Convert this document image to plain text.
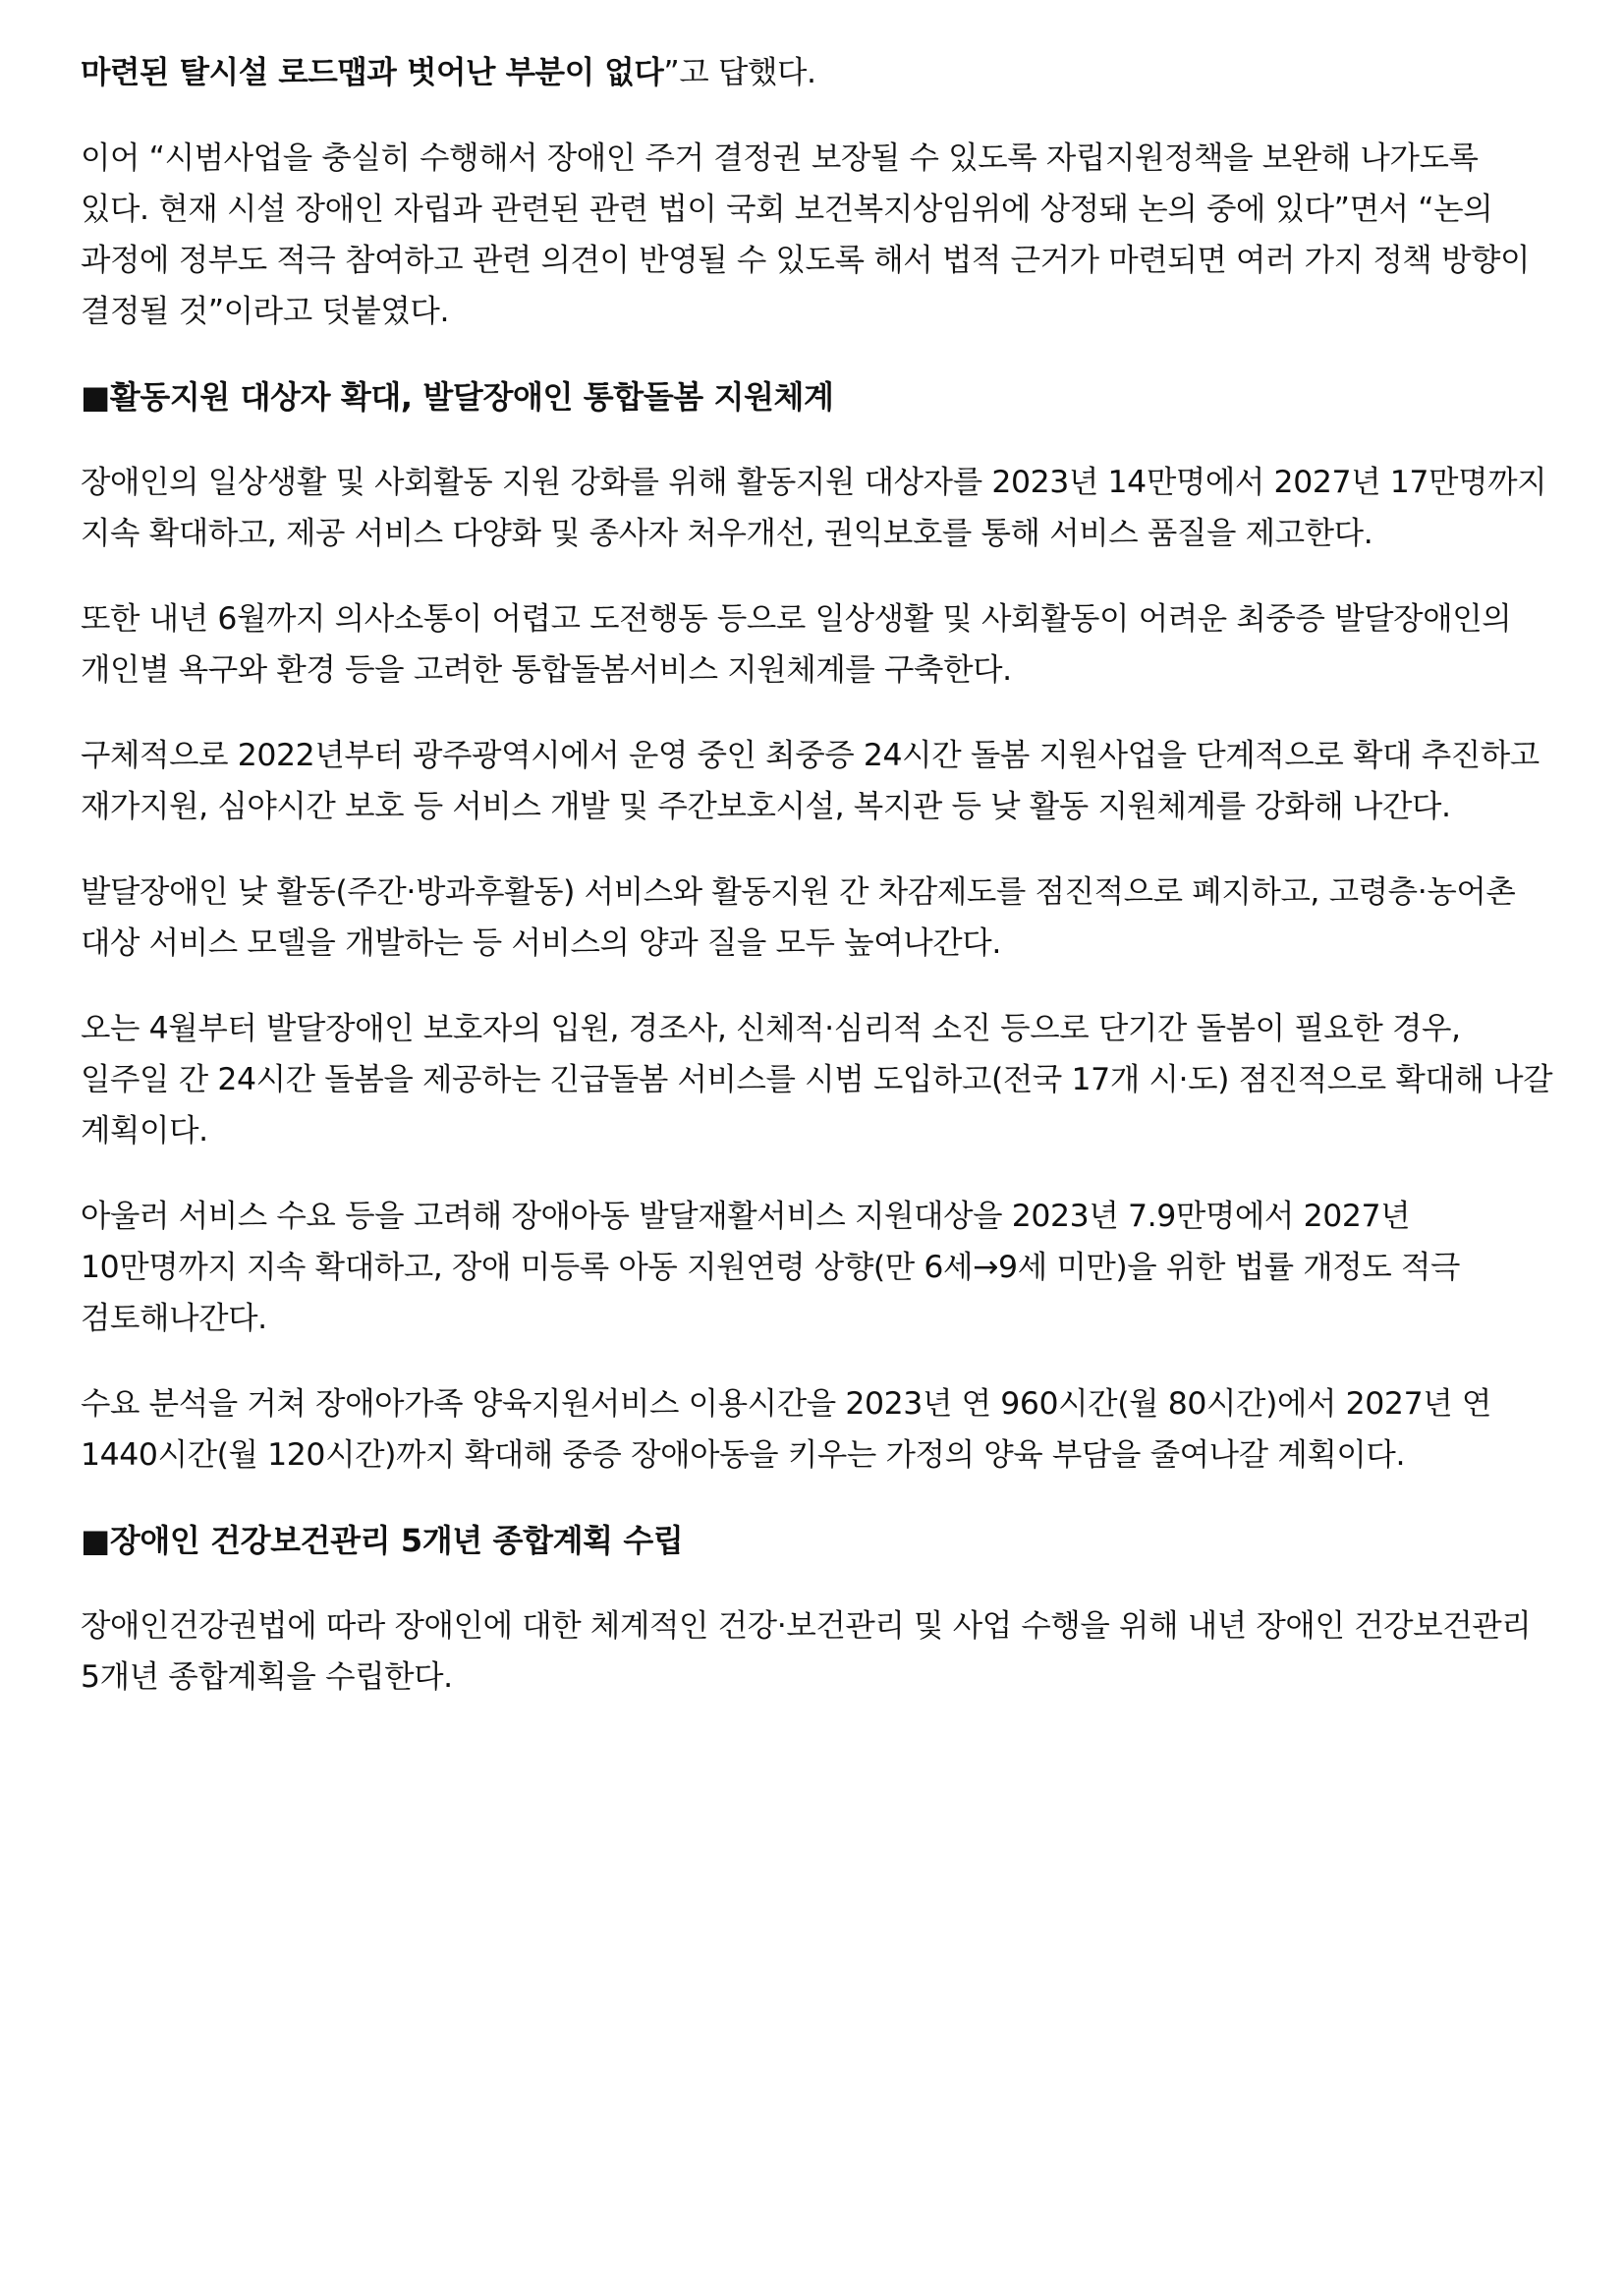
마련된 탈시설 로드맵과 벗어난 부분이 없다”고 답했다.

이어 “시범사업을 충실히 수행해서 장애인 주거 결정권 보장될 수 있도록 자립지원정책을 보완해 나가도록 있다. 현재 시설 장애인 자립과 관련된 관련 법이 국회 보건복지상임위에 상정돼 논의 중에 있다”면서 “논의 과정에 정부도 적극 참여하고 관련 의견이 반영될 수 있도록 해서 법적 근거가 마련되면 여러 가지 정책 방향이 결정될 것”이라고 덧붙였다.

■활동지원 대상자 확대, 발달장애인 통합돌봄 지원체계

장애인의 일상생활 및 사회활동 지원 강화를 위해 활동지원 대상자를 2023년 14만명에서 2027년 17만명까지 지속 확대하고, 제공 서비스 다양화 및 종사자 처우개선, 권익보호를 통해 서비스 품질을 제고한다.

또한 내년 6월까지 의사소통이 어렵고 도전행동 등으로 일상생활 및 사회활동이 어려운 최중증 발달장애인의 개인별 욕구와 환경 등을 고려한 통합돌봄서비스 지원체계를 구축한다.

구체적으로 2022년부터 광주광역시에서 운영 중인 최중증 24시간 돌봄 지원사업을 단계적으로 확대 추진하고 재가지원, 심야시간 보호 등 서비스 개발 및 주간보호시설, 복지관 등 낮 활동 지원체계를 강화해 나간다.

발달장애인 낮 활동(주간·방과후활동) 서비스와 활동지원 간 차감제도를 점진적으로 폐지하고, 고령층·농어촌 대상 서비스 모델을 개발하는 등 서비스의 양과 질을 모두 높여나간다.

오는 4월부터 발달장애인 보호자의 입원, 경조사, 신체적·심리적 소진 등으로 단기간 돌봄이 필요한 경우, 일주일 간 24시간 돌봄을 제공하는 긴급돌봄 서비스를 시범 도입하고(전국 17개 시·도) 점진적으로 확대해 나갈 계획이다.

아울러 서비스 수요 등을 고려해 장애아동 발달재활서비스 지원대상을 2023년 7.9만명에서 2027년 10만명까지 지속 확대하고, 장애 미등록 아동 지원연령 상향(만 6세→9세 미만)을 위한 법률 개정도 적극 검토해나간다.

수요 분석을 거쳐 장애아가족 양육지원서비스 이용시간을 2023년 연 960시간(월 80시간)에서 2027년 연 1440시간(월 120시간)까지 확대해 중증 장애아동을 키우는 가정의 양육 부담을 줄여나갈 계획이다.

■장애인 건강보건관리 5개년 종합계획 수립

장애인건강권법에 따라 장애인에 대한 체계적인 건강·보건관리 및 사업 수행을 위해 내년 장애인 건강보건관리 5개년 종합계획을 수립한다.
